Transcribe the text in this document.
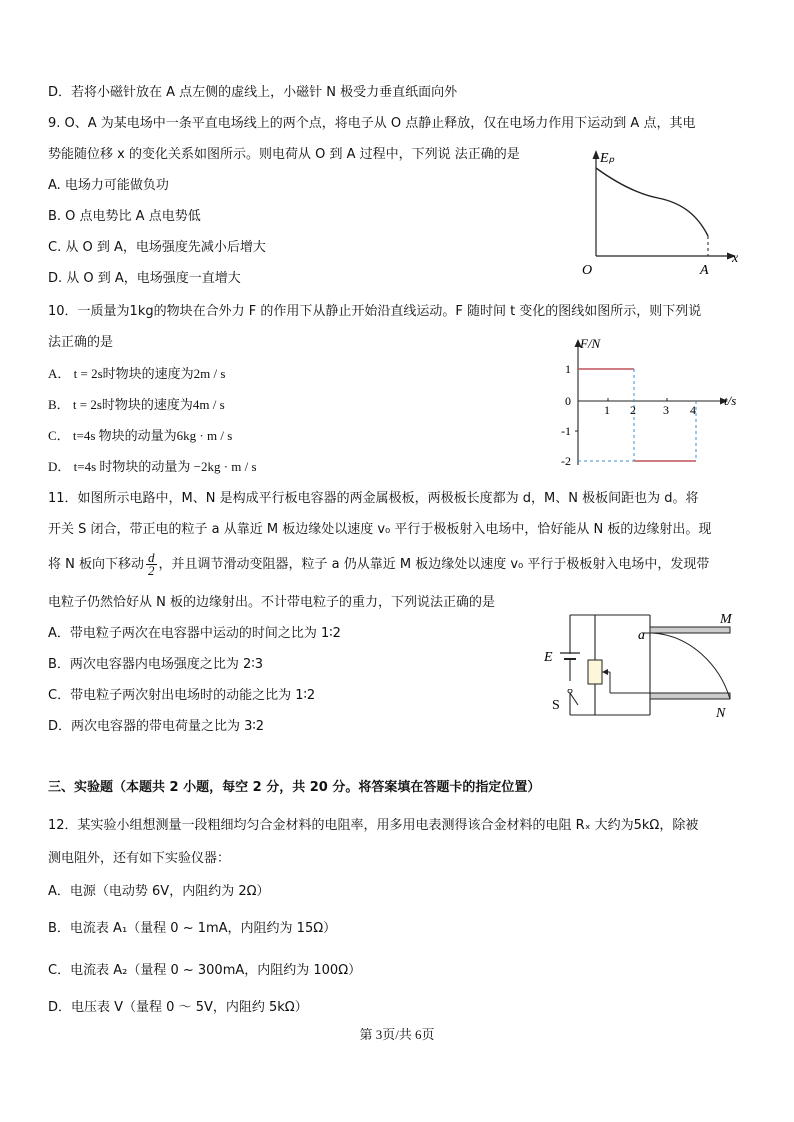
D．若将小磁针放在 A 点左侧的虚线上，小磁针 N 极受力垂直纸面向外
9. O、A 为某电场中一条平直电场线上的两个点，将电子从 O 点静止释放，仅在电场力作用下运动到 A 点，其电
势能随位移 x 的变化关系如图所示。则电荷从 O 到 A 过程中，下列说 法正确的是
A. 电场力可能做负功
B. O 点电势比 A 点电势低
C. 从 O 到 A，电场强度先减小后增大
D. 从 O 到 A，电场强度一直增大
Eₚ
x
O	A
10．一质量为1kg的物块在合外力 F 的作用下从静止开始沿直线运动。F 随时间 t 变化的图线如图所示，则下列说
法正确的是
A． t = 2s时物块的速度为2m / s
B． t = 2s时物块的速度为4m / s
C． t=4s 物块的动量为6kg · m / s
D． t=4s 时物块的动量为 −2kg · m / s
F/N
t/s
1 2 3 4
1
0
-1
-2
11．如图所示电路中，M、N 是构成平行板电容器的两金属极板，两极板长度都为 d，M、N 极板间距也为 d。将
开关 S 闭合，带正电的粒子 a 从靠近 M 板边缘处以速度 v₀ 平行于极板射入电场中，恰好能从 N 板的边缘射出。现
将 N 板向下移动 $\frac{d}{2}$ ，并且调节滑动变阻器，粒子 a 仍从靠近 M 板边缘处以速度 v₀ 平行于极板射入电场中，发现带
电粒子仍然恰好从 N 板的边缘射出。不计带电粒子的重力，下列说法正确的是
A．带电粒子两次在电容器中运动的时间之比为 1∶2
B．两次电容器内电场强度之比为 2∶3
C．带电粒子两次射出电场时的动能之比为 1∶2
D．两次电容器的带电荷量之比为 3∶2
M
N
a
E
S
三、实验题（本题共 2 小题，每空 2 分，共 20 分。将答案填在答题卡的指定位置）
12．某实验小组想测量一段粗细均匀合金材料的电阻率，用多用电表测得该合金材料的电阻 Rₓ 大约为5kΩ，除被
测电阻外，还有如下实验仪器：
A．电源（电动势 6V，内阻约为 2Ω）
B．电流表 A₁（量程 0 ~ 1mA，内阻约为 15Ω）
C．电流表 A₂（量程 0 ~ 300mA，内阻约为 100Ω）
D．电压表 V（量程 0 ～ 5V，内阻约 5kΩ）
第 3页/共 6页
